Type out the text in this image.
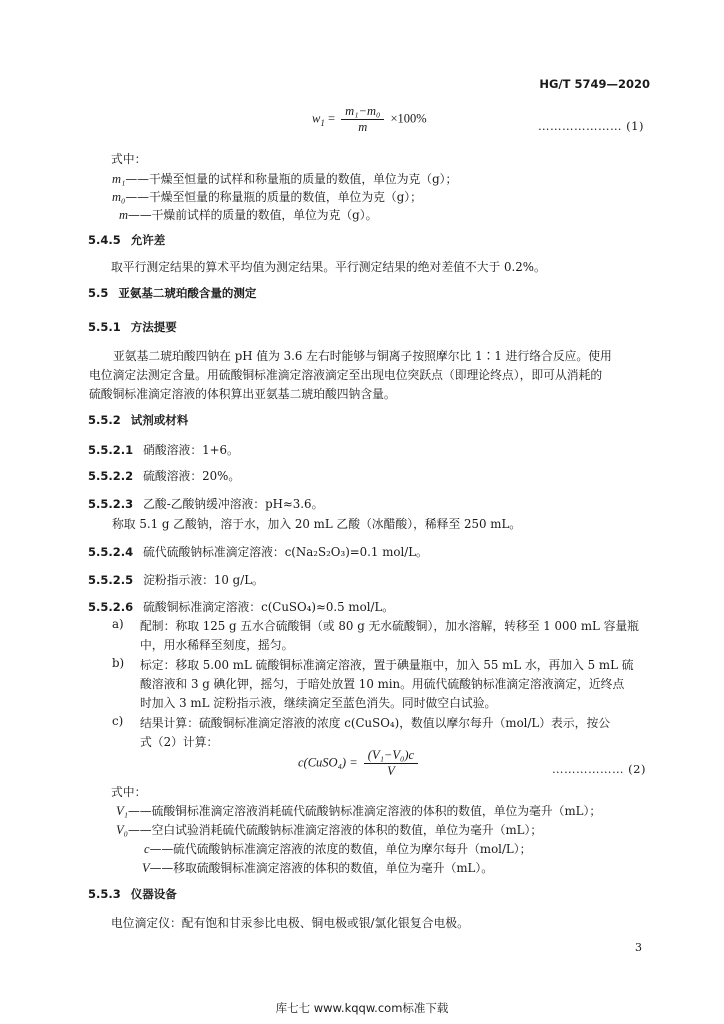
HG/T 5749—2020
$w_1 = \frac{\text{m₁−m₀}}{m} \times 100\%$
………………… (1)
式中：
m₁——干燥至恒量的试样和称量瓶的质量的数值，单位为克（g）；
m₀——干燥至恒量的称量瓶的质量的数值，单位为克（g）；
m——干燥前试样的质量的数值，单位为克（g）。
5.4.5 允许差
取平行测定结果的算术平均值为测定结果。平行测定结果的绝对差值不大于 0.2%。
5.5 亚氨基二琥珀酸含量的测定
5.5.1 方法提要
亚氨基二琥珀酸四钠在 pH 值为 3.6 左右时能够与铜离子按照摩尔比 1∶1 进行络合反应。使用
电位滴定法测定含量。用硫酸铜标准滴定溶液滴定至出现电位突跃点（即理论终点），即可从消耗的
硫酸铜标准滴定溶液的体积算出亚氨基二琥珀酸四钠含量。
5.5.2 试剂或材料
5.5.2.1 硝酸溶液：1+6。
5.5.2.2 硫酸溶液：20%。
5.5.2.3 乙酸-乙酸钠缓冲溶液：pH≈3.6。
称取 5.1 g 乙酸钠，溶于水，加入 20 mL 乙酸（冰醋酸），稀释至 250 mL。
5.5.2.4 硫代硫酸钠标准滴定溶液：c(Na₂S₂O₃)=0.1 mol/L。
5.5.2.5 淀粉指示液：10 g/L。
5.5.2.6 硫酸铜标准滴定溶液：c(CuSO₄)≈0.5 mol/L。
a) 配制：称取 125 g 五水合硫酸铜（或 80 g 无水硫酸铜），加水溶解，转移至 1 000 mL 容量瓶
中，用水稀释至刻度，摇匀。
b) 标定：移取 5.00 mL 硫酸铜标准滴定溶液，置于碘量瓶中，加入 55 mL 水，再加入 5 mL 硫
酸溶液和 3 g 碘化钾，摇匀，于暗处放置 10 min。用硫代硫酸钠标准滴定溶液滴定，近终点
时加入 3 mL 淀粉指示液，继续滴定至蓝色消失。同时做空白试验。
c) 结果计算：硫酸铜标准滴定溶液的浓度 c(CuSO₄)，数值以摩尔每升（mol/L）表示，按公
式（2）计算：
c(CuSO₄) = $\frac{\text{(V₁−V₀)c}}{V}$	……………… (2)
式中：
V₁——硫酸铜标准滴定溶液消耗硫代硫酸钠标准滴定溶液的体积的数值，单位为毫升（mL）；
V₀——空白试验消耗硫代硫酸钠标准滴定溶液的体积的数值，单位为毫升（mL）；
c——硫代硫酸钠标准滴定溶液的浓度的数值，单位为摩尔每升（mol/L）；
V——移取硫酸铜标准滴定溶液的体积的数值，单位为毫升（mL）。
5.5.3 仪器设备
电位滴定仪：配有饱和甘汞参比电极、铜电极或银/氯化银复合电极。
3
库七七 www.kqqw.com标准下载
